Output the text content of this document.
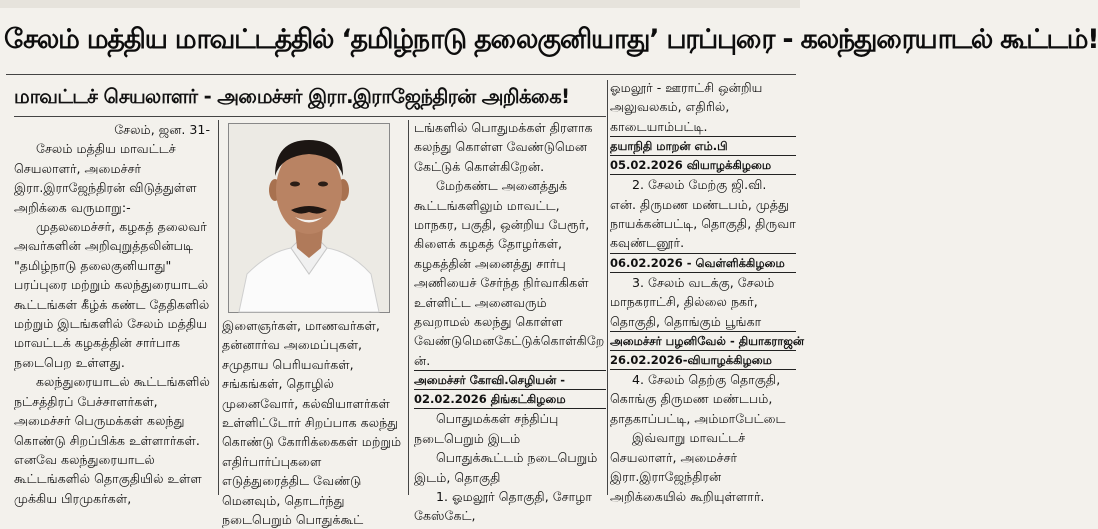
சேலம் மத்திய மாவட்டத்தில் ‘தமிழ்நாடு தலைகுனியாது’ பரப்புரை - கலந்துரையாடல் கூட்டம்!
மாவட்டச் செயலாளர் - அமைச்சர் இரா.இராஜேந்திரன் அறிக்கை!
சேலம், ஜன. 31-

சேலம் மத்திய மாவட்டச் செயலாளர், அமைச்சர் இரா.இராஜேந்திரன் விடுத்துள்ள அறிக்கை வருமாறு:-

முதலமைச்சர், கழகத் தலைவர் அவர்களின் அறிவுறுத்தலின்படி "தமிழ்நாடு தலைகுனியாது" பரப்புரை மற்றும் கலந்துரையாடல் கூட்டங்கள் கீழ்க் கண்ட தேதிகளில் மற்றும் இடங்களில் சேலம் மத்திய மாவட்டக் கழகத்தின் சார்பாக நடைபெற உள்ளது.

கலந்துரையாடல் கூட்டங்களில் நட்சத்திரப் பேச்சாளர்கள், அமைச்சர் பெருமக்கள் கலந்து கொண்டு சிறப்பிக்க உள்ளார்கள். எனவே கலந்துரையாடல் கூட்டங்களில் தொகுதியில் உள்ள முக்கிய பிரமுகர்கள்,

இளைஞர்கள், மாணவர்கள், தன்னார்வ அமைப்புகள், சமுதாய பெரியவர்கள், சங்கங்கள், தொழில் முனைவோர், கல்வியாளர்கள் உள்ளிட்டோர் சிறப்பாக கலந்து கொண்டு கோரிக்கைகள் மற்றும் எதிர்பார்ப்புகளை எடுத்துரைத்திட வேண்டு மெனவும், தொடர்ந்து நடைபெறும் பொதுக்கூட்

டங்களில் பொதுமக்கள் திரளாக கலந்து கொள்ள வேண்டுமென கேட்டுக் கொள்கிறேன்.

மேற்கண்ட அனைத்துக் கூட்டங்களிலும் மாவட்ட, மாநகர, பகுதி, ஒன்றிய பேரூர், கிளைக் கழகத் தோழர்கள், கழகத்தின் அனைத்து சார்பு அணியைச் சேர்ந்த நிர்வாகிகள் உள்ளிட்ட அனைவரும் தவறாமல் கலந்து கொள்ள வேண்டுமெனகேட்டுக்கொள்கிறேன்.

அமைச்சர் கோவி.செழியன் -

02.02.2026 திங்கட்கிழமை

பொதுமக்கள் சந்திப்பு நடைபெறும் இடம்

பொதுக்கூட்டம் நடைபெறும் இடம், தொகுதி

1. ஓமலூர் தொகுதி, சோழா கேஸ்கேட்,

ஓமலூர் - ஊராட்சி ஒன்றிய அலுவலகம், எதிரில், காடையாம்பட்டி.

தயாநிதி மாறன் எம்.பி

05.02.2026 வியாழக்கிழமை

2. சேலம் மேற்கு ஜி.வி. என். திருமண மண்டபம், முத்து நாயக்கன்பட்டி, தொகுதி, திருவா கவுண்டனூர்.

06.02.2026 - வெள்ளிக்கிழமை

3. சேலம் வடக்கு, சேலம் மாநகராட்சி, தில்லை நகர், தொகுதி, தொங்கும் பூங்கா

அமைச்சர் பழனிவேல் - தியாகராஜன்

26.02.2026-வியாழக்கிழமை

4. சேலம் தெற்கு தொகுதி, கொங்கு திருமண மண்டபம், தாதகாப்பட்டி, அம்மாபேட்டை

இவ்வாறு மாவட்டச் செயலாளர், அமைச்சர் இரா.இராஜேந்திரன் அறிக்கையில் கூறியுள்ளார்.
